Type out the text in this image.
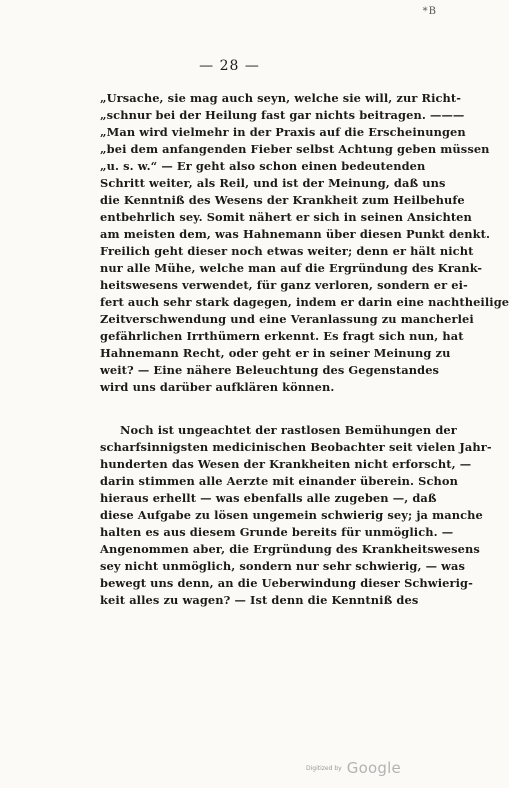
*B
— 28 —
„Ursache, sie mag auch seyn, welche sie will, zur Richt-
„schnur bei der Heilung fast gar nichts beitragen. ———
„Man wird vielmehr in der Praxis auf die Erscheinungen
„bei dem anfangenden Fieber selbst Achtung geben müssen
„u. s. w.“ — Er geht also schon einen bedeutenden
Schritt weiter, als Reil, und ist der Meinung, daß uns
die Kenntniß des Wesens der Krankheit zum Heilbehufe
entbehrlich sey. Somit nähert er sich in seinen Ansichten
am meisten dem, was Hahnemann über diesen Punkt denkt.
Freilich geht dieser noch etwas weiter; denn er hält nicht
nur alle Mühe, welche man auf die Ergründung des Krank-
heitswesens verwendet, für ganz verloren, sondern er ei-
fert auch sehr stark dagegen, indem er darin eine nachtheilige
Zeitverschwendung und eine Veranlassung zu mancherlei
gefährlichen Irrthümern erkennt. Es fragt sich nun, hat
Hahnemann Recht, oder geht er in seiner Meinung zu
weit? — Eine nähere Beleuchtung des Gegenstandes
wird uns darüber aufklären können.
Noch ist ungeachtet der rastlosen Bemühungen der
scharfsinnigsten medicinischen Beobachter seit vielen Jahr-
hunderten das Wesen der Krankheiten nicht erforscht, —
darin stimmen alle Aerzte mit einander überein. Schon
hieraus erhellt — was ebenfalls alle zugeben —, daß
diese Aufgabe zu lösen ungemein schwierig sey; ja manche
halten es aus diesem Grunde bereits für unmöglich. —
Angenommen aber, die Ergründung des Krankheitswesens
sey nicht unmöglich, sondern nur sehr schwierig, — was
bewegt uns denn, an die Ueberwindung dieser Schwierig-
keit alles zu wagen? — Ist denn die Kenntniß des
Digitized by Google
